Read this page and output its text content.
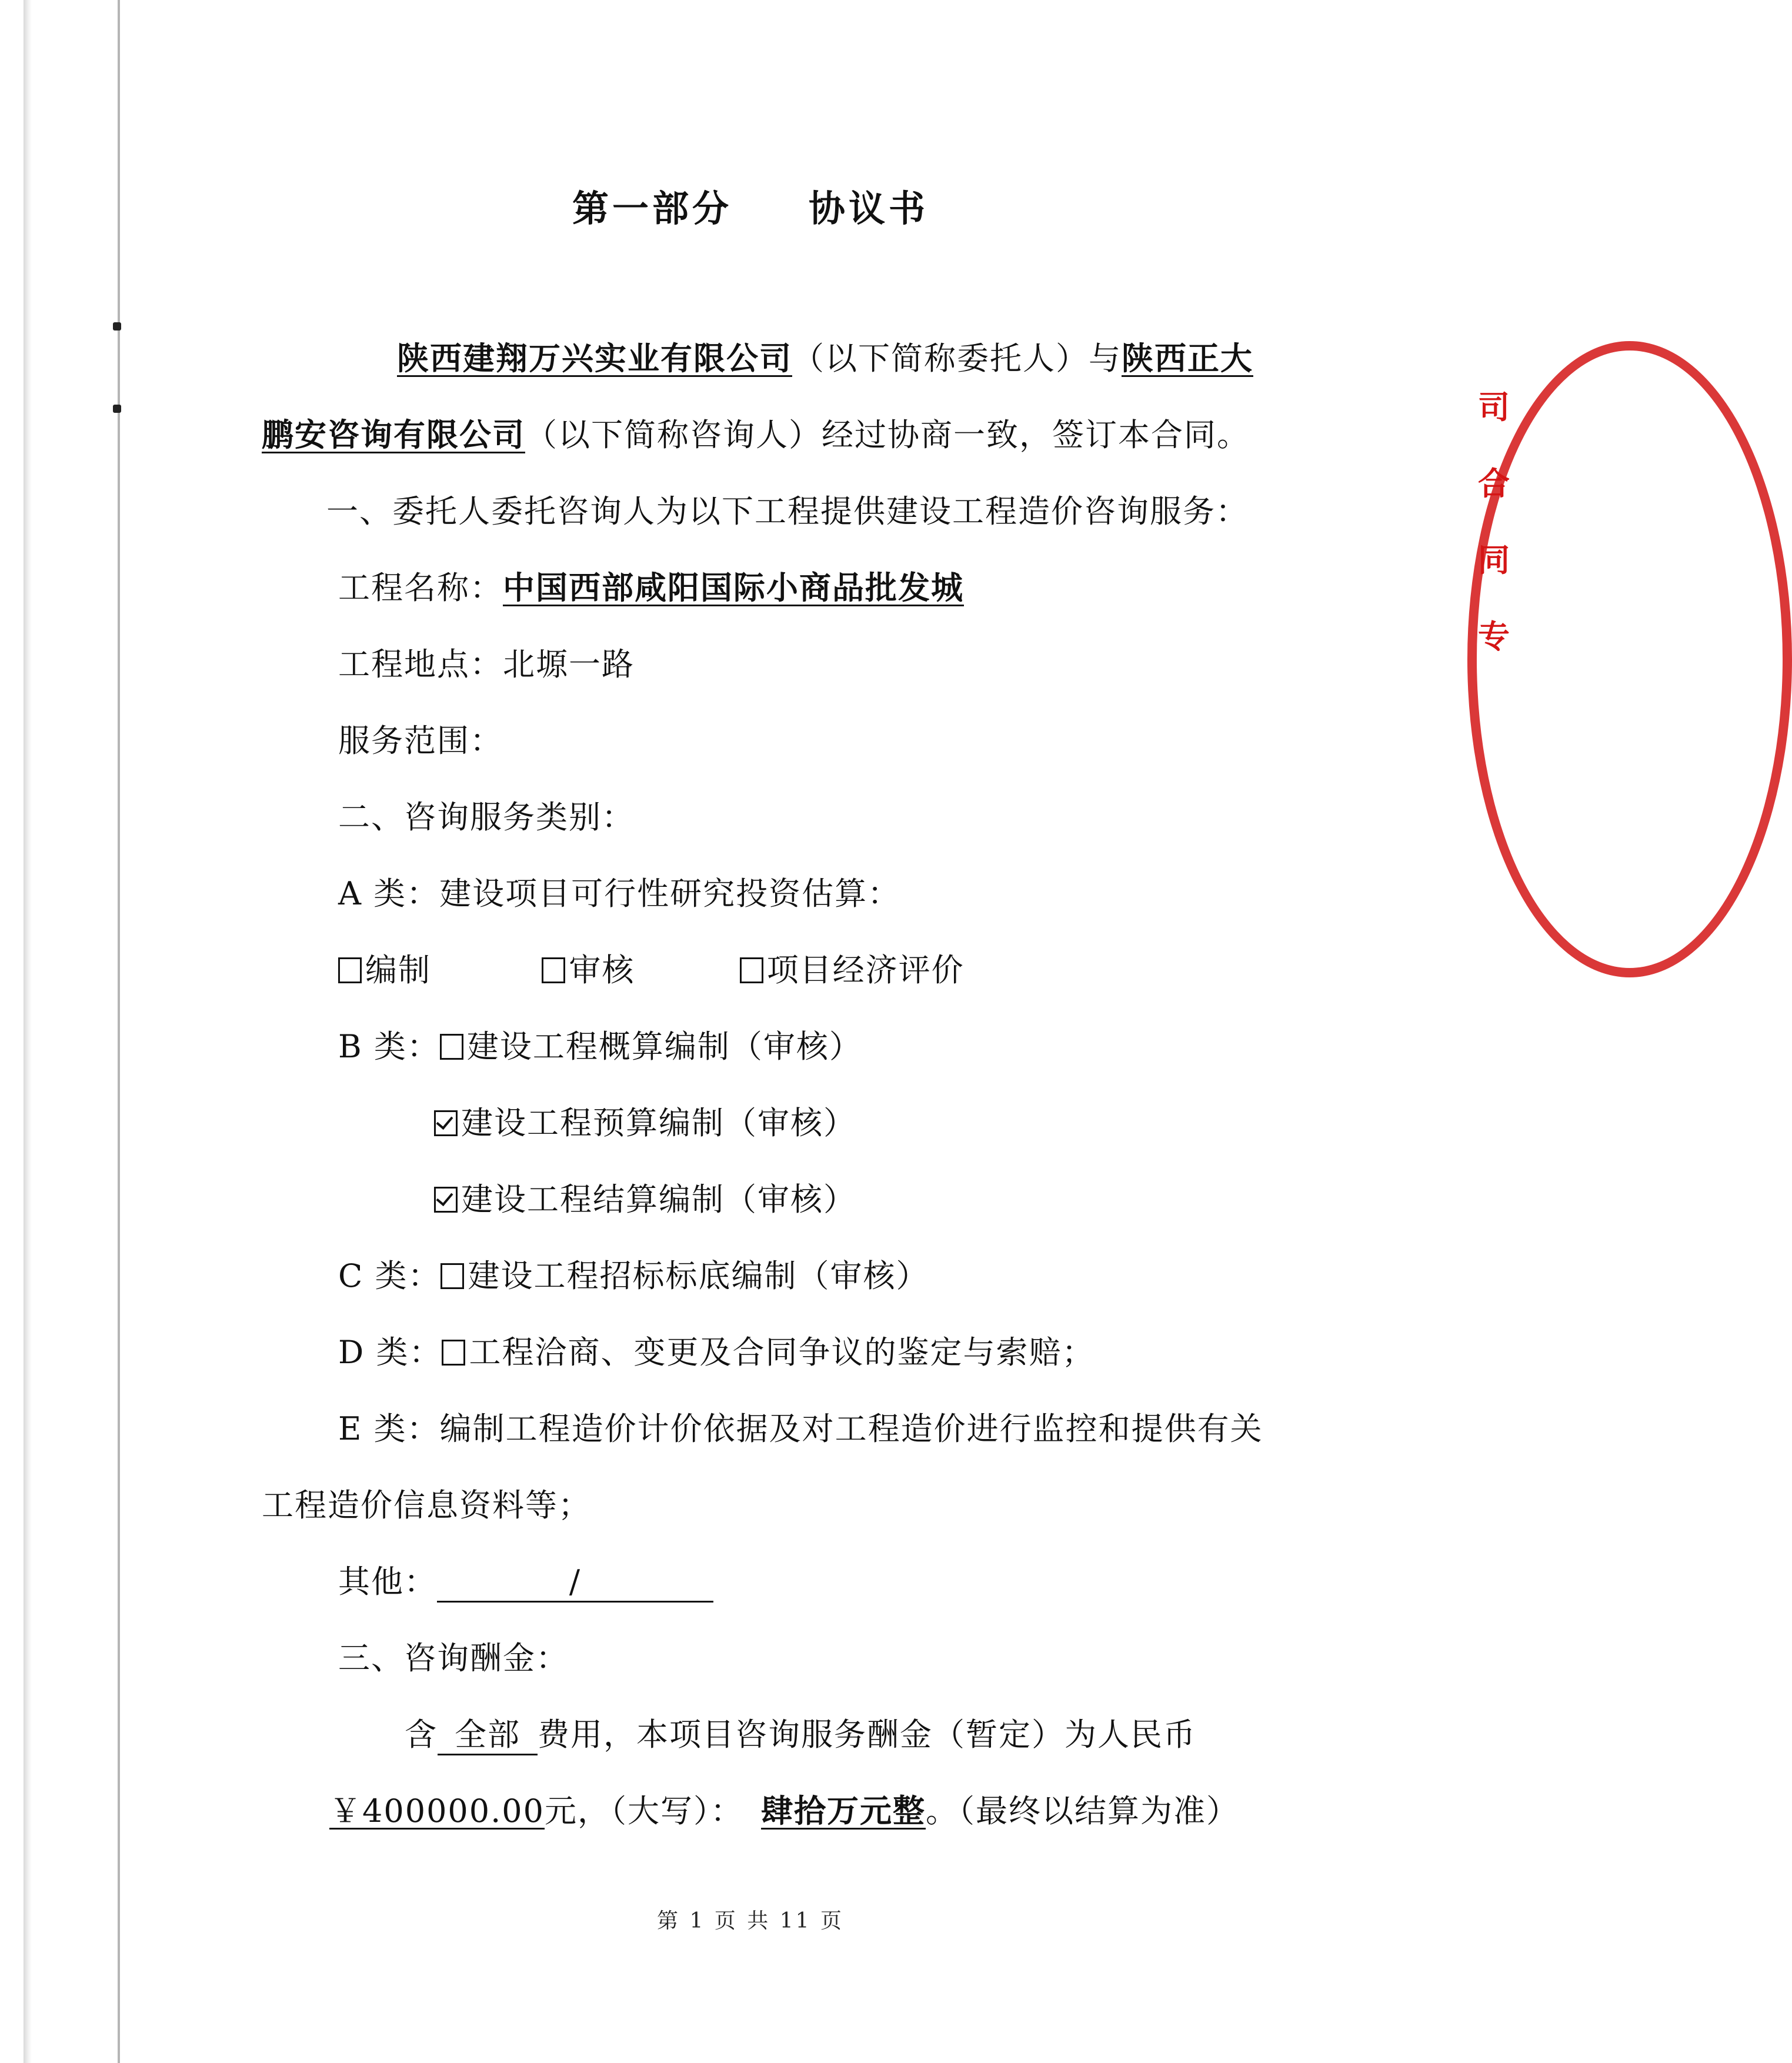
司
合
同
专
第一部分 协议书
陕西建翔万兴实业有限公司（以下简称委托人）与陕西正大
鹏安咨询有限公司（以下简称咨询人）经过协商一致，签订本合同。
一、委托人委托咨询人为以下工程提供建设工程造价咨询服务：
工程名称：中国西部咸阳国际小商品批发城
工程地点：北塬一路
服务范围：
二、咨询服务类别：
A 类：建设项目可行性研究投资估算：
编制	审核	项目经济评价
B 类： 建设工程概算编制（审核）
建设工程预算编制（审核）
建设工程结算编制（审核）
C 类： 建设工程招标标底编制（审核）
D 类： 工程洽商、变更及合同争议的鉴定与索赔；
E 类：编制工程造价计价依据及对工程造价进行监控和提供有关
工程造价信息资料等；
其他：	/
三、咨询酬金：
含 全部 费用，本项目咨询服务酬金（暂定）为人民币
￥400000.00元，（大写）： 肆拾万元整。（最终以结算为准）
第 1 页 共 11 页
